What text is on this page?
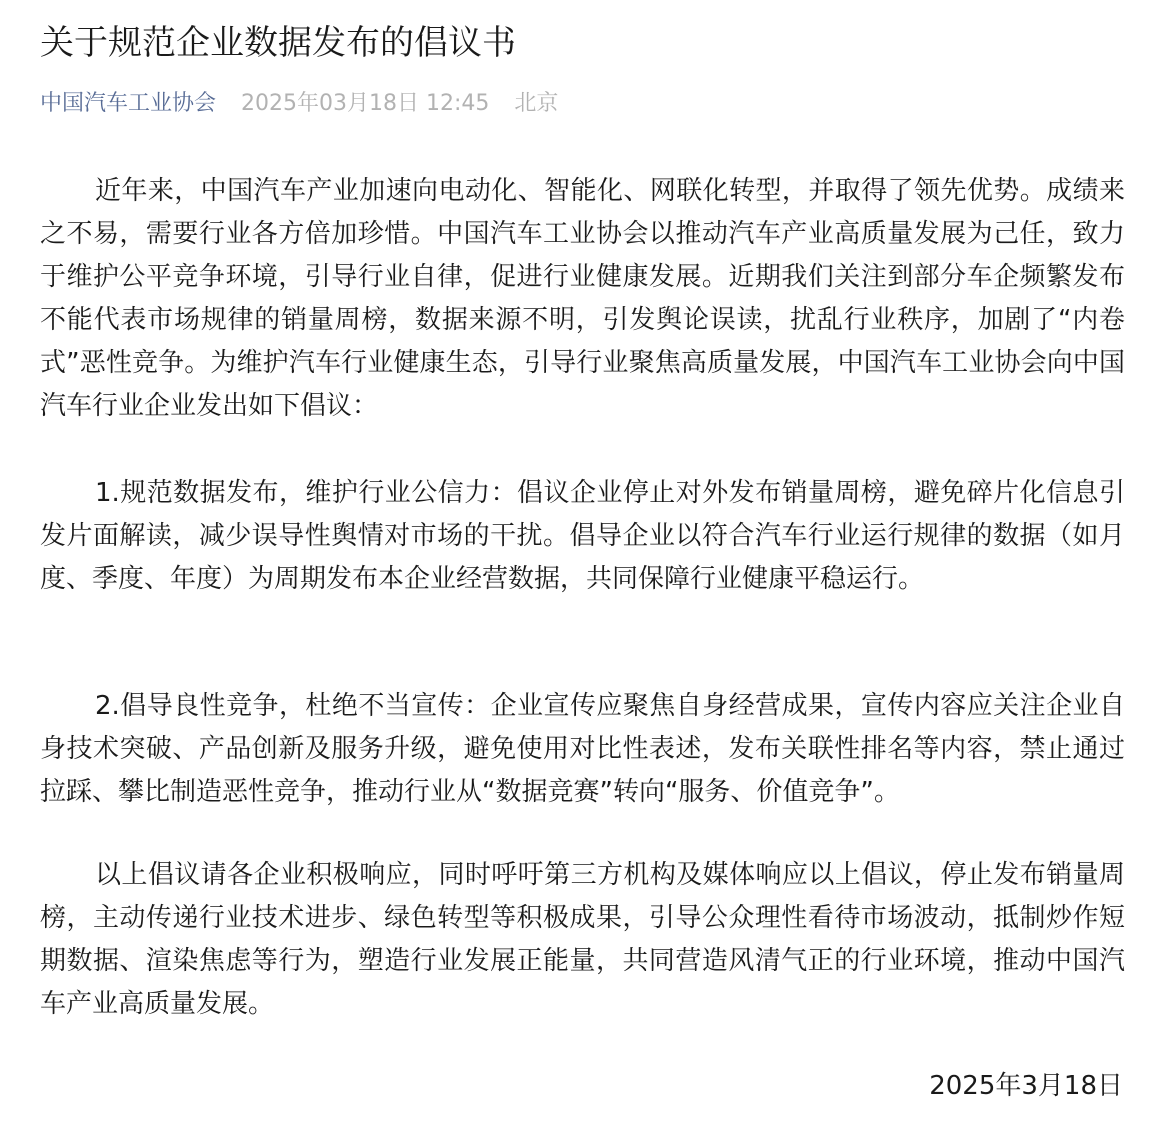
关于规范企业数据发布的倡议书
中国汽车工业协会 2025年03月18日 12:45 北京

近年来，中国汽车产业加速向电动化、智能化、网联化转型，并取得了领先优势。成绩来之不易，需要行业各方倍加珍惜。中国汽车工业协会以推动汽车产业高质量发展为己任，致力于维护公平竞争环境，引导行业自律，促进行业健康发展。近期我们关注到部分车企频繁发布不能代表市场规律的销量周榜，数据来源不明，引发舆论误读，扰乱行业秩序，加剧了“内卷式”恶性竞争。为维护汽车行业健康生态，引导行业聚焦高质量发展，中国汽车工业协会向中国汽车行业企业发出如下倡议：

1.规范数据发布，维护行业公信力：倡议企业停止对外发布销量周榜，避免碎片化信息引发片面解读，减少误导性舆情对市场的干扰。倡导企业以符合汽车行业运行规律的数据（如月度、季度、年度）为周期发布本企业经营数据，共同保障行业健康平稳运行。

2.倡导良性竞争，杜绝不当宣传：企业宣传应聚焦自身经营成果，宣传内容应关注企业自身技术突破、产品创新及服务升级，避免使用对比性表述，发布关联性排名等内容，禁止通过拉踩、攀比制造恶性竞争，推动行业从“数据竞赛”转向“服务、价值竞争”。

以上倡议请各企业积极响应，同时呼吁第三方机构及媒体响应以上倡议，停止发布销量周榜，主动传递行业技术进步、绿色转型等积极成果，引导公众理性看待市场波动，抵制炒作短期数据、渲染焦虑等行为，塑造行业发展正能量，共同营造风清气正的行业环境，推动中国汽车产业高质量发展。

2025年3月18日
